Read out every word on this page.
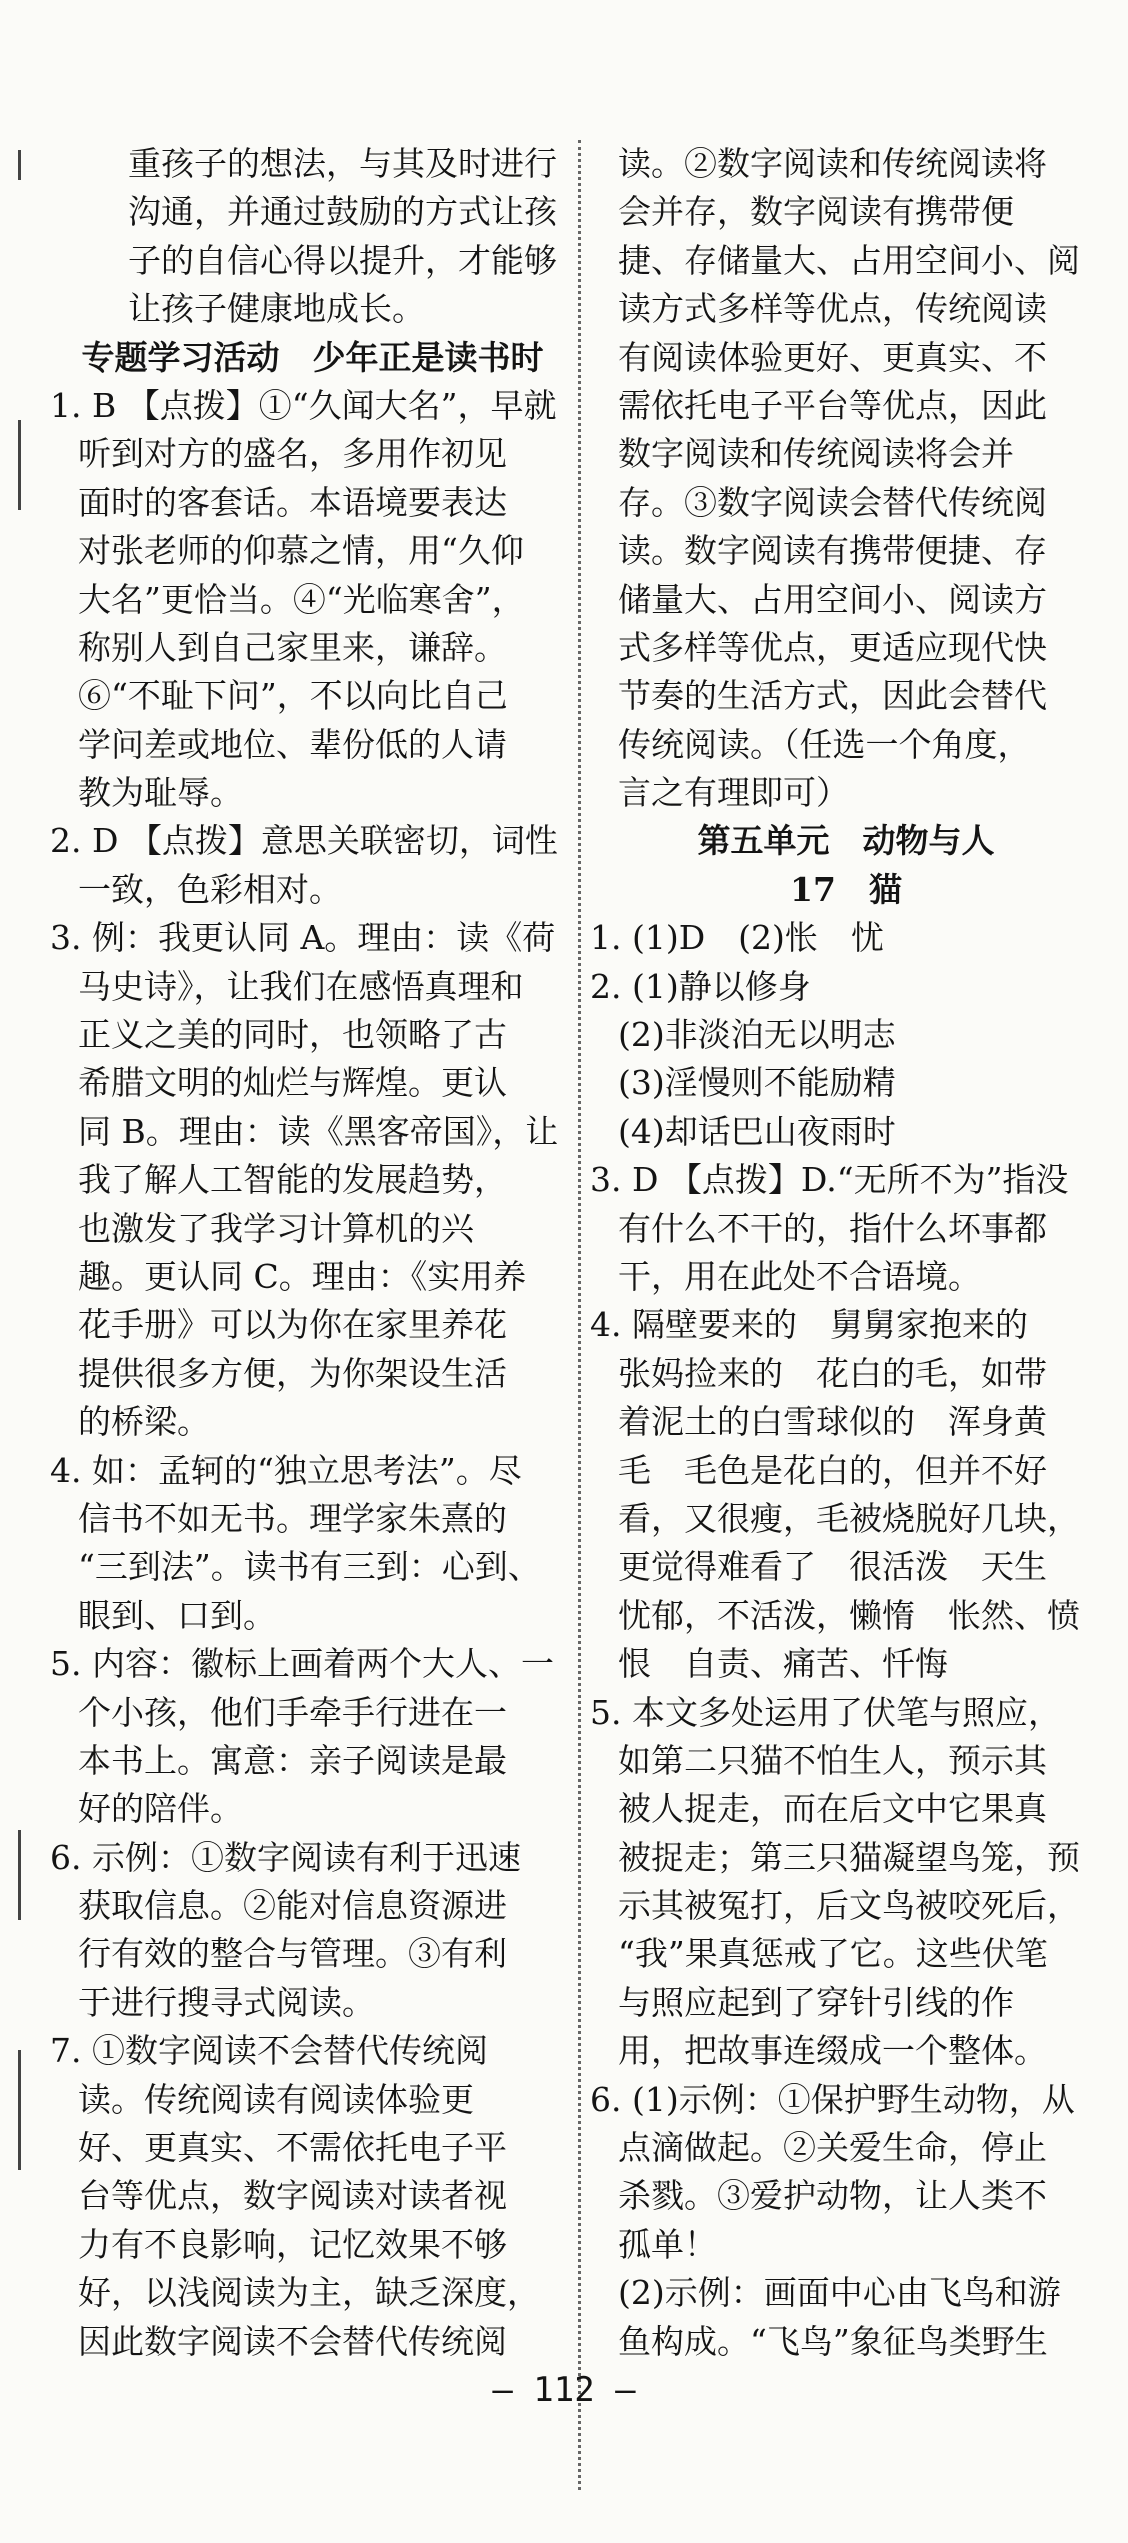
重孩子的想法，与其及时进行
沟通，并通过鼓励的方式让孩
子的自信心得以提升，才能够
让孩子健康地成长。
专题学习活动　少年正是读书时
1. B 【点拨】①“久闻大名”，早就
听到对方的盛名，多用作初见
面时的客套话。本语境要表达
对张老师的仰慕之情，用“久仰
大名”更恰当。④“光临寒舍”，
称别人到自己家里来，谦辞。
⑥“不耻下问”，不以向比自己
学问差或地位、辈份低的人请
教为耻辱。
2. D 【点拨】意思关联密切，词性
一致，色彩相对。
3. 例：我更认同 A。理由：读《荷
马史诗》，让我们在感悟真理和
正义之美的同时，也领略了古
希腊文明的灿烂与辉煌。更认
同 B。理由：读《黑客帝国》，让
我了解人工智能的发展趋势，
也激发了我学习计算机的兴
趣。更认同 C。理由：《实用养
花手册》可以为你在家里养花
提供很多方便，为你架设生活
的桥梁。
4. 如：孟轲的“独立思考法”。尽
信书不如无书。理学家朱熹的
“三到法”。读书有三到：心到、
眼到、口到。
5. 内容：徽标上画着两个大人、一
个小孩，他们手牵手行进在一
本书上。寓意：亲子阅读是最
好的陪伴。
6. 示例：①数字阅读有利于迅速
获取信息。②能对信息资源进
行有效的整合与管理。③有利
于进行搜寻式阅读。
7. ①数字阅读不会替代传统阅
读。传统阅读有阅读体验更
好、更真实、不需依托电子平
台等优点，数字阅读对读者视
力有不良影响，记忆效果不够
好，以浅阅读为主，缺乏深度，
因此数字阅读不会替代传统阅
读。②数字阅读和传统阅读将
会并存，数字阅读有携带便
捷、存储量大、占用空间小、阅
读方式多样等优点，传统阅读
有阅读体验更好、更真实、不
需依托电子平台等优点，因此
数字阅读和传统阅读将会并
存。③数字阅读会替代传统阅
读。数字阅读有携带便捷、存
储量大、占用空间小、阅读方
式多样等优点，更适应现代快
节奏的生活方式，因此会替代
传统阅读。（任选一个角度，
言之有理即可）
第五单元　动物与人
17　猫
1. (1)D　(2)怅　忧
2. (1)静以修身
(2)非淡泊无以明志
(3)淫慢则不能励精
(4)却话巴山夜雨时
3. D 【点拨】D.“无所不为”指没
有什么不干的，指什么坏事都
干，用在此处不合语境。
4. 隔壁要来的　舅舅家抱来的
张妈捡来的　花白的毛，如带
着泥土的白雪球似的　浑身黄
毛　毛色是花白的，但并不好
看，又很瘦，毛被烧脱好几块，
更觉得难看了　很活泼　天生
忧郁，不活泼，懒惰　怅然、愤
恨　自责、痛苦、忏悔
5. 本文多处运用了伏笔与照应，
如第二只猫不怕生人，预示其
被人捉走，而在后文中它果真
被捉走；第三只猫凝望鸟笼，预
示其被冤打，后文鸟被咬死后，
“我”果真惩戒了它。这些伏笔
与照应起到了穿针引线的作
用，把故事连缀成一个整体。
6. (1)示例：①保护野生动物，从
点滴做起。②关爱生命，停止
杀戮。③爱护动物，让人类不
孤单！
(2)示例：画面中心由飞鸟和游
鱼构成。“飞鸟”象征鸟类野生
— 112 —
